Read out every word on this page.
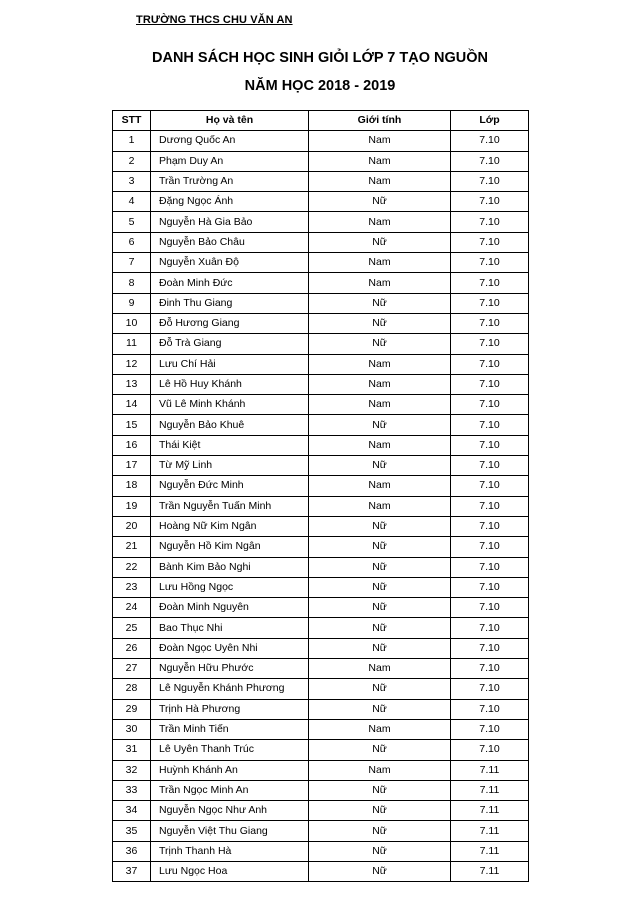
TRƯỜNG THCS CHU VĂN AN
DANH SÁCH HỌC SINH GIỎI LỚP 7 TẠO NGUỒN
NĂM HỌC 2018 - 2019
STT	Họ và tên	Giới tính	Lớp
1	Dương Quốc An	Nam	7.10
2	Phạm Duy An	Nam	7.10
3	Trần Trường An	Nam	7.10
4	Đặng Ngọc Ánh	Nữ	7.10
5	Nguyễn Hà Gia Bảo	Nam	7.10
6	Nguyễn Bảo Châu	Nữ	7.10
7	Nguyễn Xuân Độ	Nam	7.10
8	Đoàn Minh Đức	Nam	7.10
9	Đinh Thu Giang	Nữ	7.10
10	Đỗ Hương Giang	Nữ	7.10
11	Đỗ Trà Giang	Nữ	7.10
12	Lưu Chí Hải	Nam	7.10
13	Lê Hồ Huy Khánh	Nam	7.10
14	Vũ Lê Minh Khánh	Nam	7.10
15	Nguyễn Bảo Khuê	Nữ	7.10
16	Thái Kiệt	Nam	7.10
17	Từ Mỹ Linh	Nữ	7.10
18	Nguyễn Đức Minh	Nam	7.10
19	Trần Nguyễn Tuấn Minh	Nam	7.10
20	Hoàng Nữ Kim Ngân	Nữ	7.10
21	Nguyễn Hồ Kim Ngân	Nữ	7.10
22	Bành Kim Bảo Nghi	Nữ	7.10
23	Lưu Hồng Ngọc	Nữ	7.10
24	Đoàn Minh Nguyên	Nữ	7.10
25	Bao Thục Nhi	Nữ	7.10
26	Đoàn Ngọc Uyên Nhi	Nữ	7.10
27	Nguyễn Hữu Phước	Nam	7.10
28	Lê Nguyễn Khánh Phương	Nữ	7.10
29	Trịnh Hà Phương	Nữ	7.10
30	Trần Minh Tiến	Nam	7.10
31	Lê Uyên Thanh Trúc	Nữ	7.10
32	Huỳnh Khánh An	Nam	7.11
33	Trần Ngọc Minh An	Nữ	7.11
34	Nguyễn Ngọc Như Anh	Nữ	7.11
35	Nguyễn Việt Thu Giang	Nữ	7.11
36	Trịnh Thanh Hà	Nữ	7.11
37	Lưu Ngọc Hoa	Nữ	7.11
